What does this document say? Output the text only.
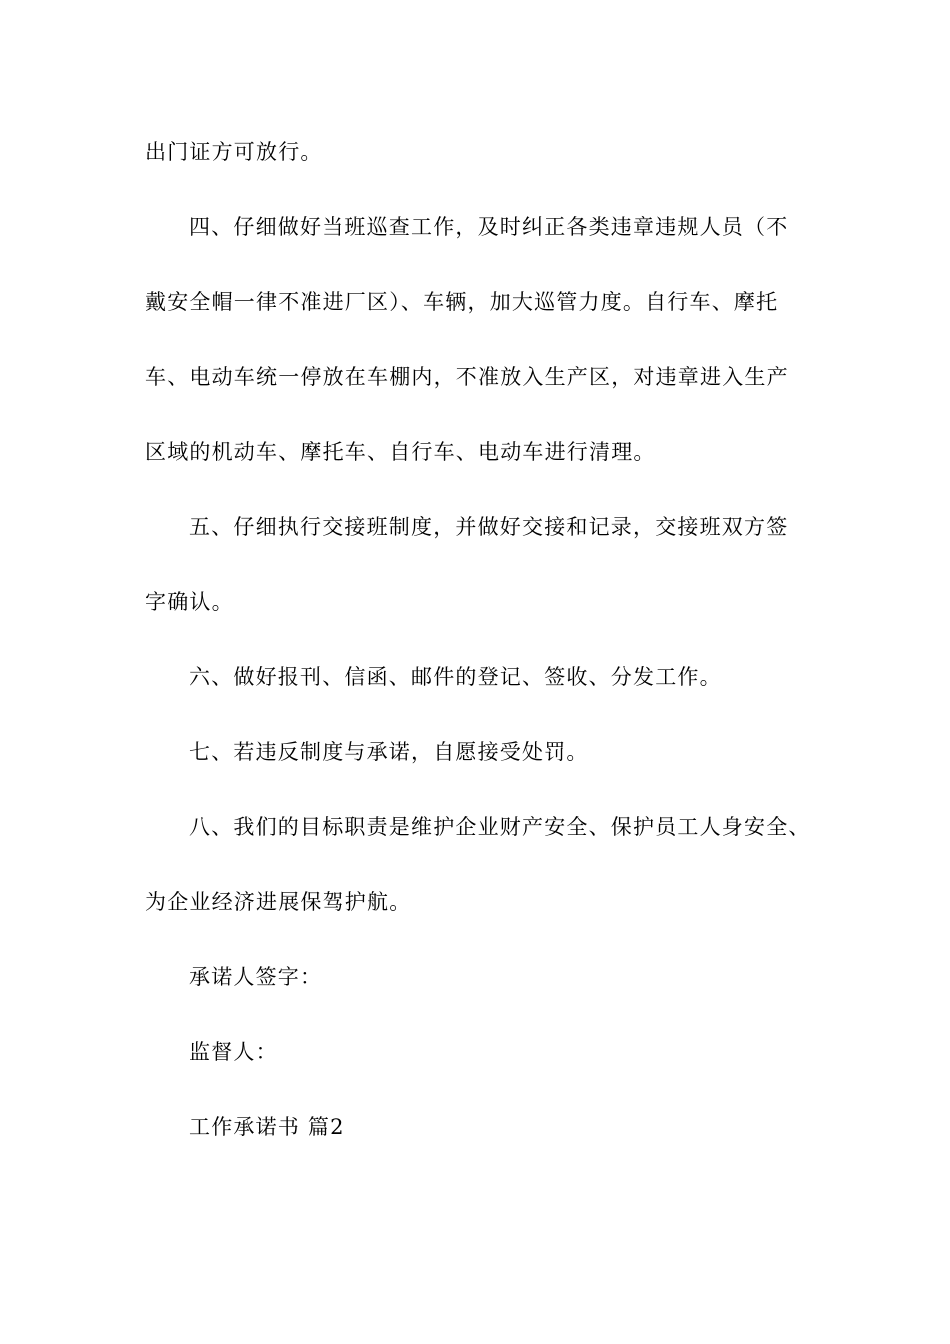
出门证方可放行。
四、仔细做好当班巡查工作，及时纠正各类违章违规人员（不
戴安全帽一律不准进厂区）、车辆，加大巡管力度。自行车、摩托
车、电动车统一停放在车棚内，不准放入生产区，对违章进入生产
区域的机动车、摩托车、自行车、电动车进行清理。
五、仔细执行交接班制度，并做好交接和记录，交接班双方签
字确认。
六、做好报刊、信函、邮件的登记、签收、分发工作。
七、若违反制度与承诺，自愿接受处罚。
八、我们的目标职责是维护企业财产安全、保护员工人身安全、
为企业经济进展保驾护航。
承诺人签字：
监督人：
工作承诺书 篇2
